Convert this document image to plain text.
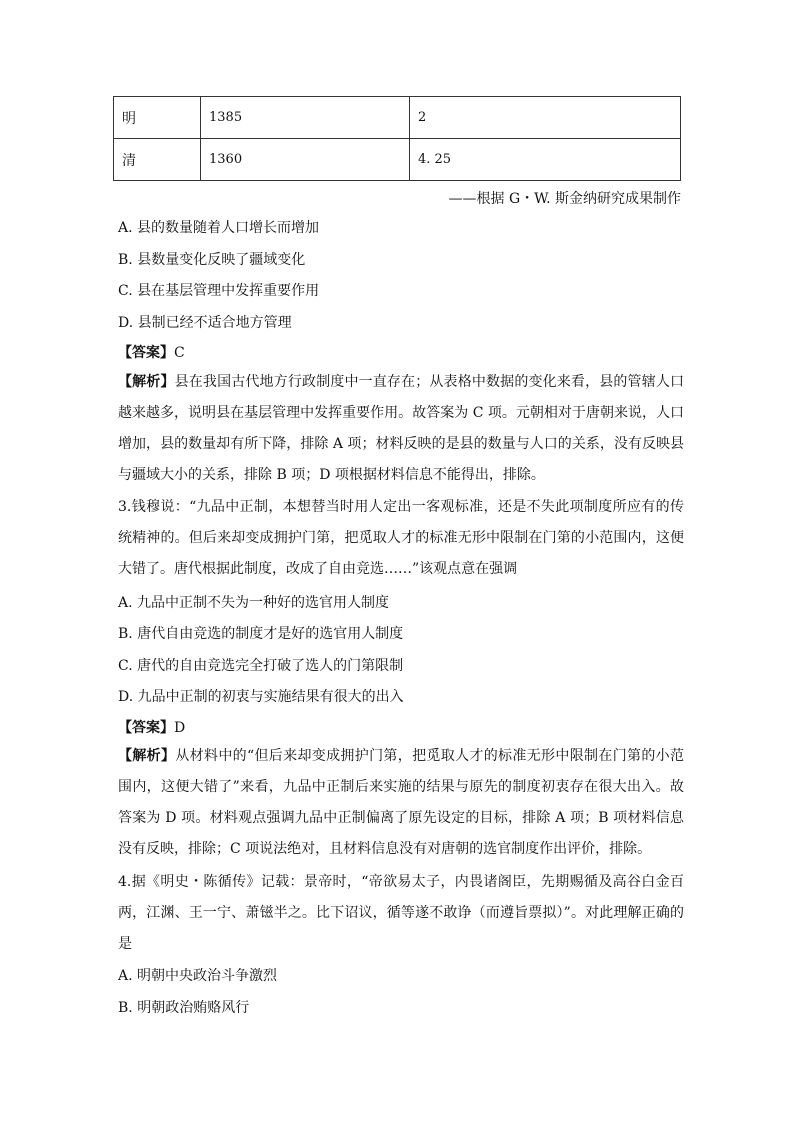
明	1385	2
清	1360	4. 25
——根据 G・W. 斯金纳研究成果制作
A. 县的数量随着人口增长而增加
B. 县数量变化反映了疆域变化
C. 县在基层管理中发挥重要作用
D. 县制已经不适合地方管理
【答案】C
【解析】县在我国古代地方行政制度中一直存在；从表格中数据的变化来看，县的管辖人口越来越多，说明县在基层管理中发挥重要作用。故答案为 C 项。元朝相对于唐朝来说，人口增加，县的数量却有所下降，排除 A 项；材料反映的是县的数量与人口的关系，没有反映县与疆域大小的关系，排除 B 项；D 项根据材料信息不能得出，排除。
3.钱穆说：“九品中正制，本想替当时用人定出一客观标准，还是不失此项制度所应有的传统精神的。但后来却变成拥护门第，把觅取人才的标准无形中限制在门第的小范围内，这便大错了。唐代根据此制度，改成了自由竞选……”该观点意在强调
A. 九品中正制不失为一种好的选官用人制度
B. 唐代自由竞选的制度才是好的选官用人制度
C. 唐代的自由竞选完全打破了选人的门第限制
D. 九品中正制的初衷与实施结果有很大的出入
【答案】D
【解析】从材料中的“但后来却变成拥护门第，把觅取人才的标准无形中限制在门第的小范围内，这便大错了”来看，九品中正制后来实施的结果与原先的制度初衷存在很大出入。故答案为 D 项。材料观点强调九品中正制偏离了原先设定的目标，排除 A 项；B 项材料信息没有反映，排除；C 项说法绝对，且材料信息没有对唐朝的选官制度作出评价，排除。
4.据《明史・陈循传》记载：景帝时，“帝欲易太子，内畏诸阁臣，先期赐循及高谷白金百两，江渊、王一宁、萧镃半之。比下诏议，循等遂不敢诤（而遵旨票拟）”。对此理解正确的是
A. 明朝中央政治斗争激烈
B. 明朝政治贿赂风行
